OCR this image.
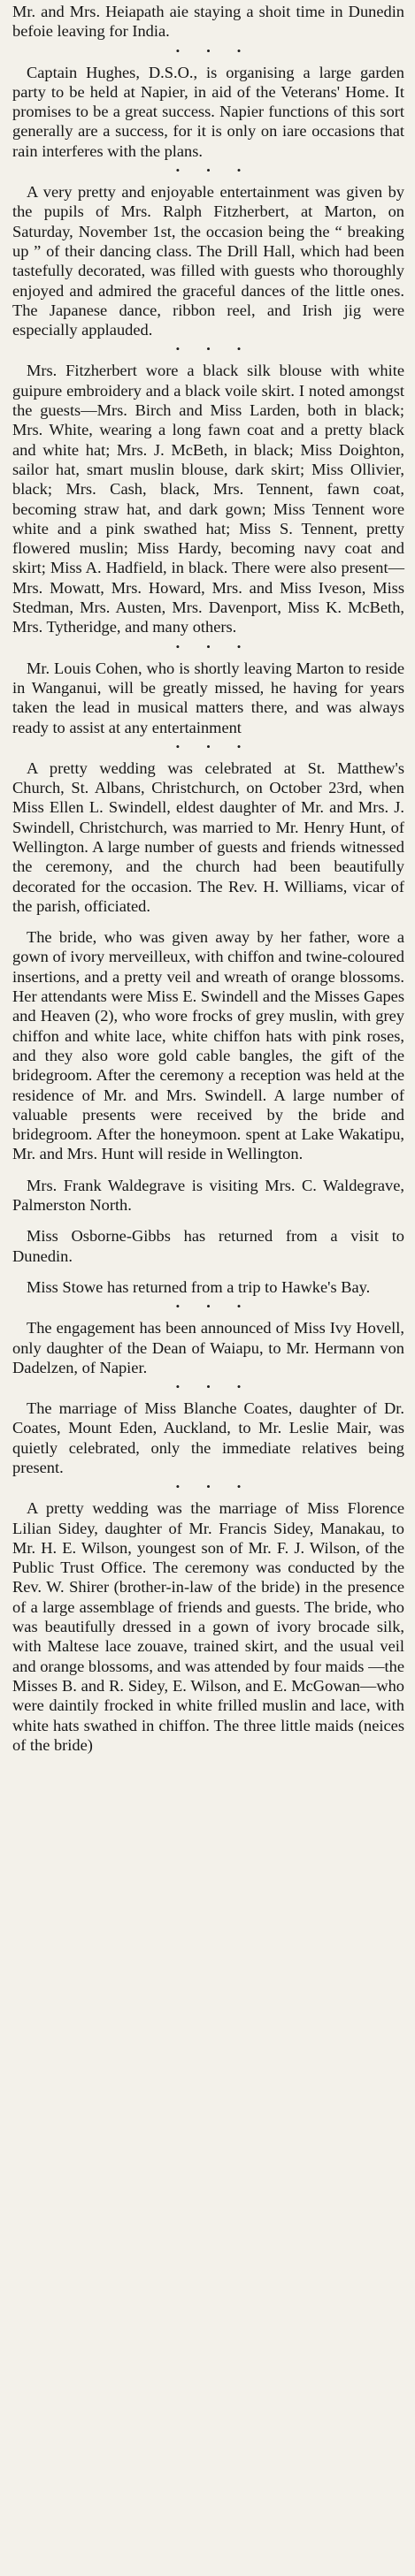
Mr. and Mrs. Heiapath aie staying a shoit time in Dunedin befoie leaving for India.

•••

Captain Hughes, D.S.O., is organising a large garden party to be held at Napier, in aid of the Veterans' Home. It promises to be a great success. Napier functions of this sort generally are a success, for it is only on iare occasions that rain interferes with the plans.

•••

A very pretty and enjoyable entertainment was given by the pupils of Mrs. Ralph Fitzherbert, at Marton, on Saturday, November 1st, the occasion being the “ breaking up ” of their dancing class. The Drill Hall, which had been tastefully decorated, was filled with guests who thoroughly enjoyed and admired the graceful dances of the little ones. The Japanese dance, ribbon reel, and Irish jig were especially applauded.

•••

Mrs. Fitzherbert wore a black silk blouse with white guipure embroidery and a black voile skirt. I noted amongst the guests—Mrs. Birch and Miss Larden, both in black; Mrs. White, wearing a long fawn coat and a pretty black and white hat; Mrs. J. McBeth, in black; Miss Doighton, sailor hat, smart muslin blouse, dark skirt; Miss Ollivier, black; Mrs. Cash, black, Mrs. Tennent, fawn coat, becoming straw hat, and dark gown; Miss Tennent wore white and a pink swathed hat; Miss S. Tennent, pretty flowered muslin; Miss Hardy, becoming navy coat and skirt; Miss A. Hadfield, in black. There were also present—Mrs. Mowatt, Mrs. Howard, Mrs. and Miss Iveson, Miss Stedman, Mrs. Austen, Mrs. Davenport, Miss K. McBeth, Mrs. Tytheridge, and many others.

•••

Mr. Louis Cohen, who is shortly leaving Marton to reside in Wanganui, will be greatly missed, he having for years taken the lead in musical matters there, and was always ready to assist at any entertainment

•••

A pretty wedding was celebrated at St. Matthew's Church, St. Albans, Christchurch, on October 23rd, when Miss Ellen L. Swindell, eldest daughter of Mr. and Mrs. J. Swindell, Christchurch, was married to Mr. Henry Hunt, of Wellington. A large number of guests and friends witnessed the ceremony, and the church had been beautifully decorated for the occasion. The Rev. H. Williams, vicar of the parish, officiated.

The bride, who was given away by her father, wore a gown of ivory merveilleux, with chiffon and twine-coloured insertions, and a pretty veil and wreath of orange blossoms. Her attendants were Miss E. Swindell and the Misses Gapes and Heaven (2), who wore frocks of grey muslin, with grey chiffon and white lace, white chiffon hats with pink roses, and they also wore gold cable bangles, the gift of the bridegroom. After the ceremony a reception was held at the residence of Mr. and Mrs. Swindell. A large number of valuable presents were received by the bride and bridegroom. After the honeymoon. spent at Lake Wakatipu, Mr. and Mrs. Hunt will reside in Wellington.

Mrs. Frank Waldegrave is visiting Mrs. C. Waldegrave, Palmerston North.

Miss Osborne-Gibbs has returned from a visit to Dunedin.

Miss Stowe has returned from a trip to Hawke's Bay.

•••

The engagement has been announced of Miss Ivy Hovell, only daughter of the Dean of Waiapu, to Mr. Hermann von Dadelzen, of Napier.

•••

The marriage of Miss Blanche Coates, daughter of Dr. Coates, Mount Eden, Auckland, to Mr. Leslie Mair, was quietly celebrated, only the immediate relatives being present.

•••

A pretty wedding was the marriage of Miss Florence Lilian Sidey, daughter of Mr. Francis Sidey, Manakau, to Mr. H. E. Wilson, youngest son of Mr. F. J. Wilson, of the Public Trust Office. The ceremony was conducted by the Rev. W. Shirer (brother-in-law of the bride) in the presence of a large assemblage of friends and guests. The bride, who was beautifully dressed in a gown of ivory brocade silk, with Maltese lace zouave, trained skirt, and the usual veil and orange blossoms, and was attended by four maids —the Misses B. and R. Sidey, E. Wilson, and E. McGowan—who were daintily frocked in white frilled muslin and lace, with white hats swathed in chiffon. The three little maids (neices of the bride)
